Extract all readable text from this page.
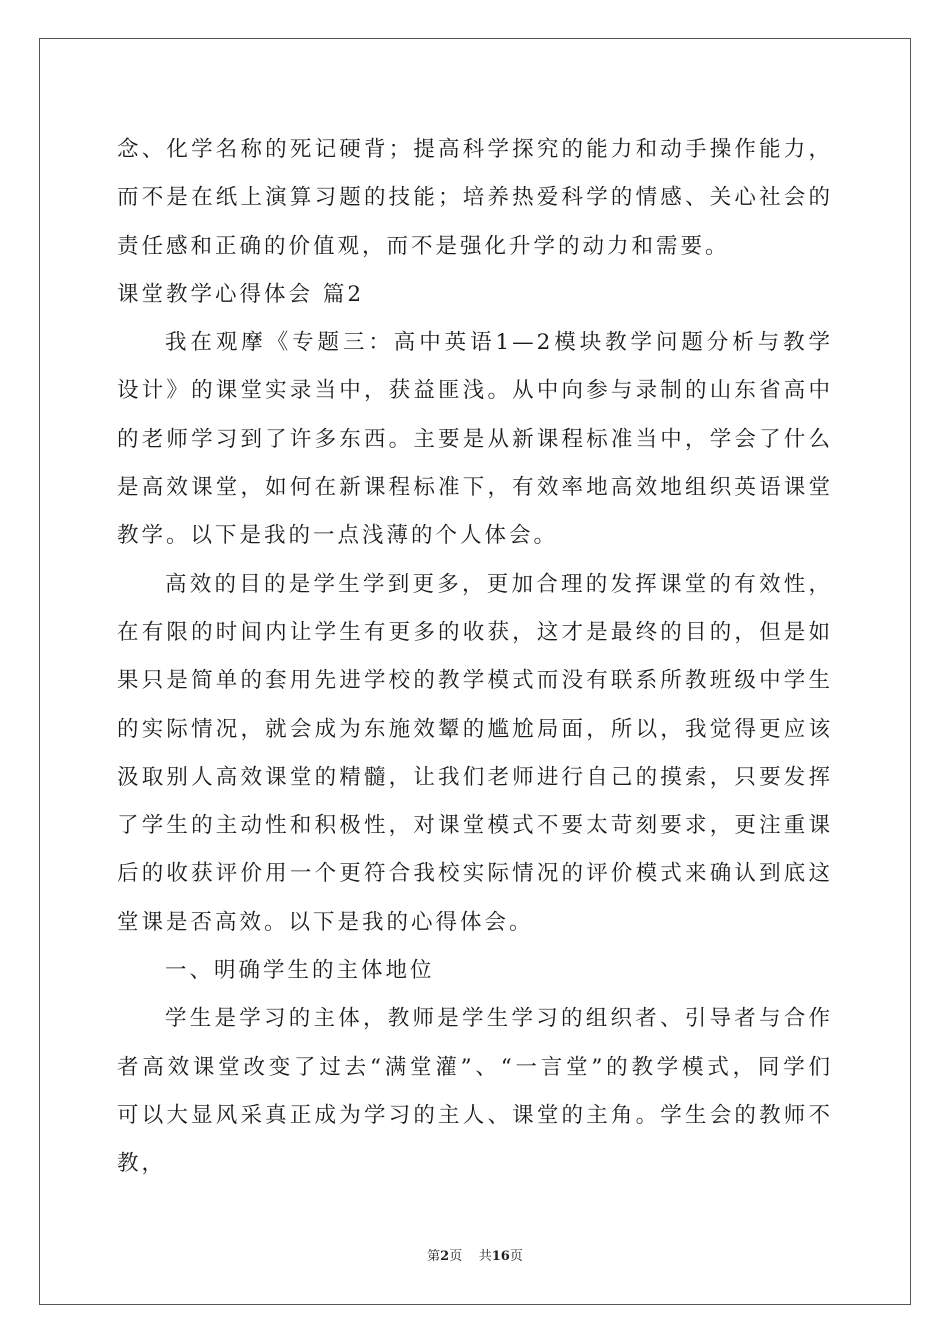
念、化学名称的死记硬背；提高科学探究的能力和动手操作能力，而不是在纸上演算习题的技能；培养热爱科学的情感、关心社会的责任感和正确的价值观，而不是强化升学的动力和需要。

课堂教学心得体会 篇2

我在观摩《专题三：高中英语1—2模块教学问题分析与教学设计》的课堂实录当中，获益匪浅。从中向参与录制的山东省高中的老师学习到了许多东西。主要是从新课程标准当中，学会了什么是高效课堂，如何在新课程标准下，有效率地高效地组织英语课堂教学。以下是我的一点浅薄的个人体会。

高效的目的是学生学到更多，更加合理的发挥课堂的有效性，在有限的时间内让学生有更多的收获，这才是最终的目的，但是如果只是简单的套用先进学校的教学模式而没有联系所教班级中学生的实际情况，就会成为东施效颦的尴尬局面，所以，我觉得更应该汲取别人高效课堂的精髓，让我们老师进行自己的摸索，只要发挥了学生的主动性和积极性，对课堂模式不要太苛刻要求，更注重课后的收获评价用一个更符合我校实际情况的评价模式来确认到底这堂课是否高效。以下是我的心得体会。

一、明确学生的主体地位

学生是学习的主体，教师是学生学习的组织者、引导者与合作者高效课堂改变了过去“满堂灌”、“一言堂”的教学模式，同学们可以大显风采真正成为学习的主人、课堂的主角。学生会的教师不教，

第2页 共16页
